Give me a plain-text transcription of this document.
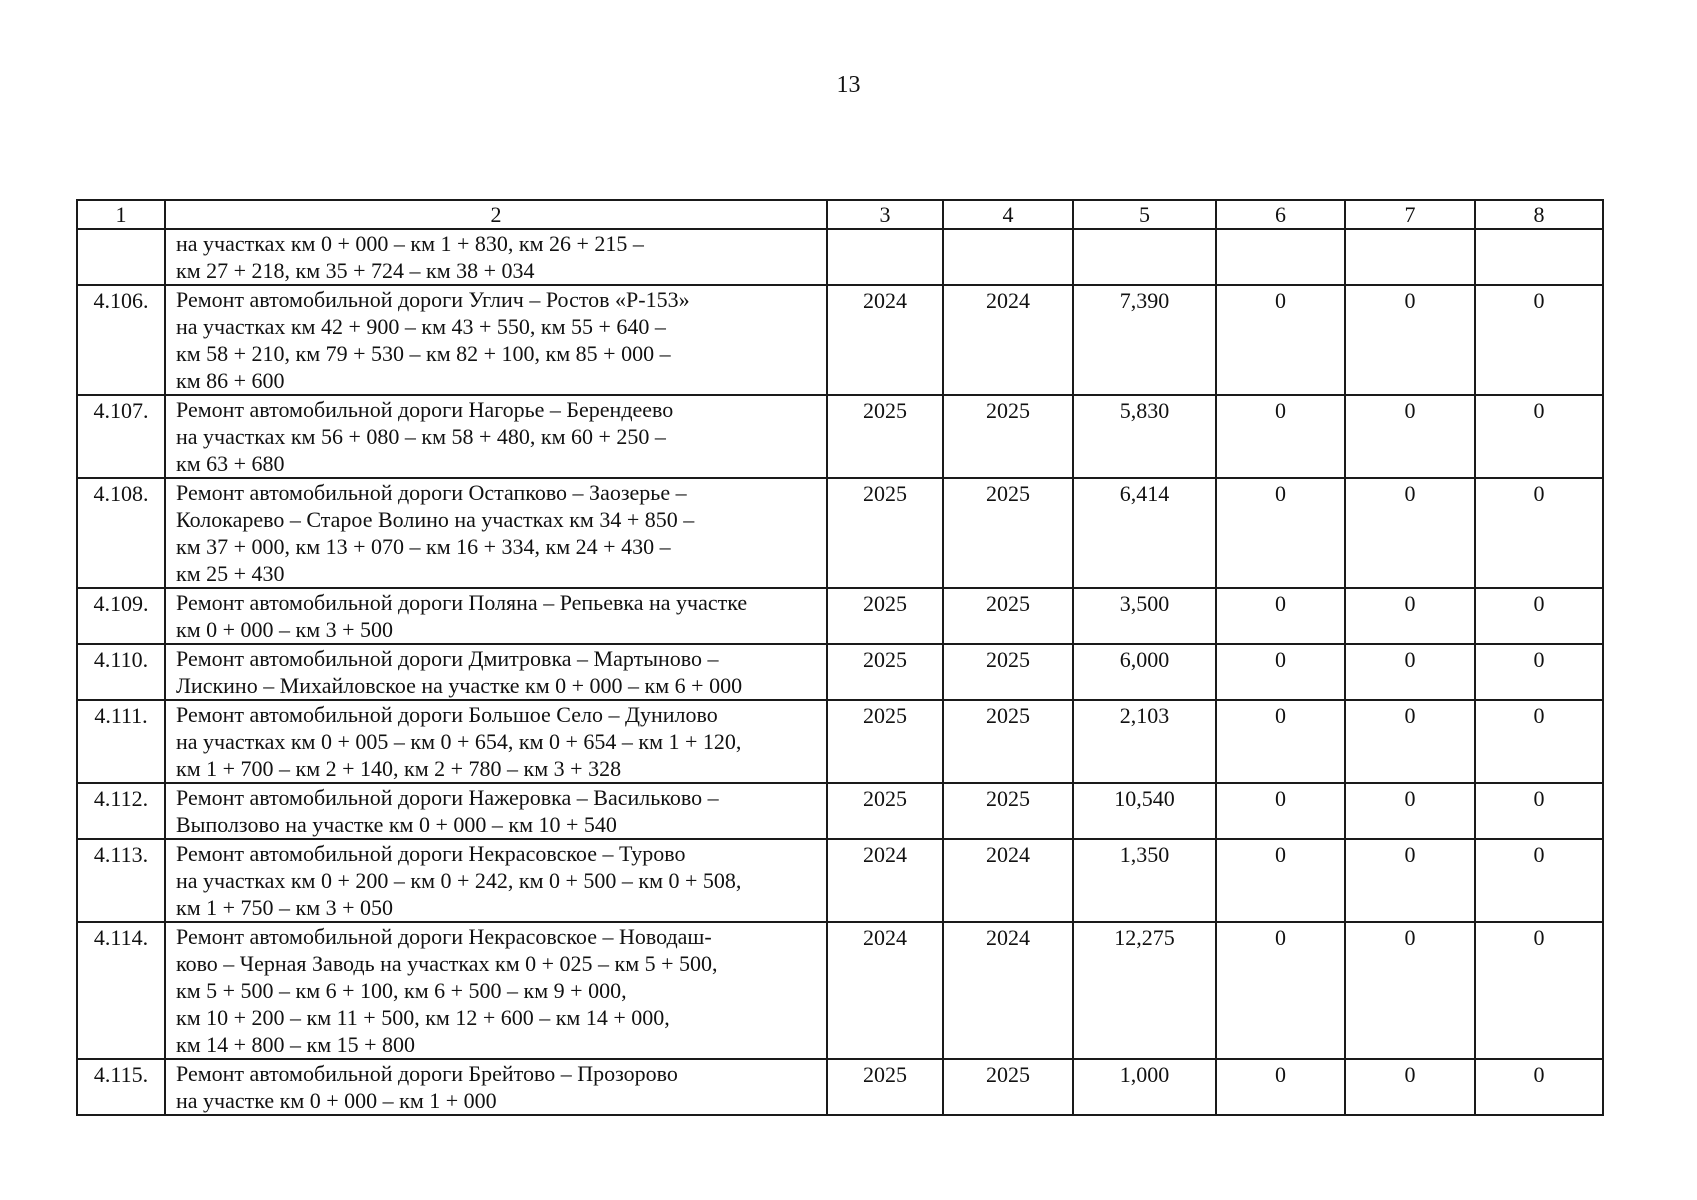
13
1	2	3	4	5	6	7	8

	на участках км 0 + 000 – км 1 + 830, км 26 + 215 –
км 27 + 218, км 35 + 724 – км 38 + 034						

4.106.	Ремонт автомобильной дороги Углич – Ростов «Р-153»
на участках км 42 + 900 – км 43 + 550, км 55 + 640 –
км 58 + 210, км 79 + 530 – км 82 + 100, км 85 + 000 –
км 86 + 600	2024	2024	7,390	0	0	0
4.107.	Ремонт автомобильной дороги Нагорье – Берендеево
на участках км 56 + 080 – км 58 + 480, км 60 + 250 –
км 63 + 680	2025	2025	5,830	0	0	0
4.108.	Ремонт автомобильной дороги Остапково – Заозерье –
Колокарево – Старое Волино на участках км 34 + 850 –
км 37 + 000, км 13 + 070 – км 16 + 334, км 24 + 430 –
км 25 + 430	2025	2025	6,414	0	0	0
4.109.	Ремонт автомобильной дороги Поляна – Репьевка на участке
км 0 + 000 – км 3 + 500	2025	2025	3,500	0	0	0
4.110.	Ремонт автомобильной дороги Дмитровка – Мартыново –
Лискино – Михайловское на участке км 0 + 000 – км 6 + 000	2025	2025	6,000	0	0	0
4.111.	Ремонт автомобильной дороги Большое Село – Дунилово
на участках км 0 + 005 – км 0 + 654, км 0 + 654 – км 1 + 120,
км 1 + 700 – км 2 + 140, км 2 + 780 – км 3 + 328	2025	2025	2,103	0	0	0
4.112.	Ремонт автомобильной дороги Нажеровка – Васильково –
Выползово на участке км 0 + 000 – км 10 + 540	2025	2025	10,540	0	0	0
4.113.	Ремонт автомобильной дороги Некрасовское – Турово
на участках км 0 + 200 – км 0 + 242, км 0 + 500 – км 0 + 508,
км 1 + 750 – км 3 + 050	2024	2024	1,350	0	0	0
4.114.	Ремонт автомобильной дороги Некрасовское – Новодаш-
ково – Черная Заводь на участках км 0 + 025 – км 5 + 500,
км 5 + 500 – км 6 + 100, км 6 + 500 – км 9 + 000,
км 10 + 200 – км 11 + 500, км 12 + 600 – км 14 + 000,
км 14 + 800 – км 15 + 800	2024	2024	12,275	0	0	0
4.115.	Ремонт автомобильной дороги Брейтово – Прозорово
на участке км 0 + 000 – км 1 + 000	2025	2025	1,000	0	0	0
